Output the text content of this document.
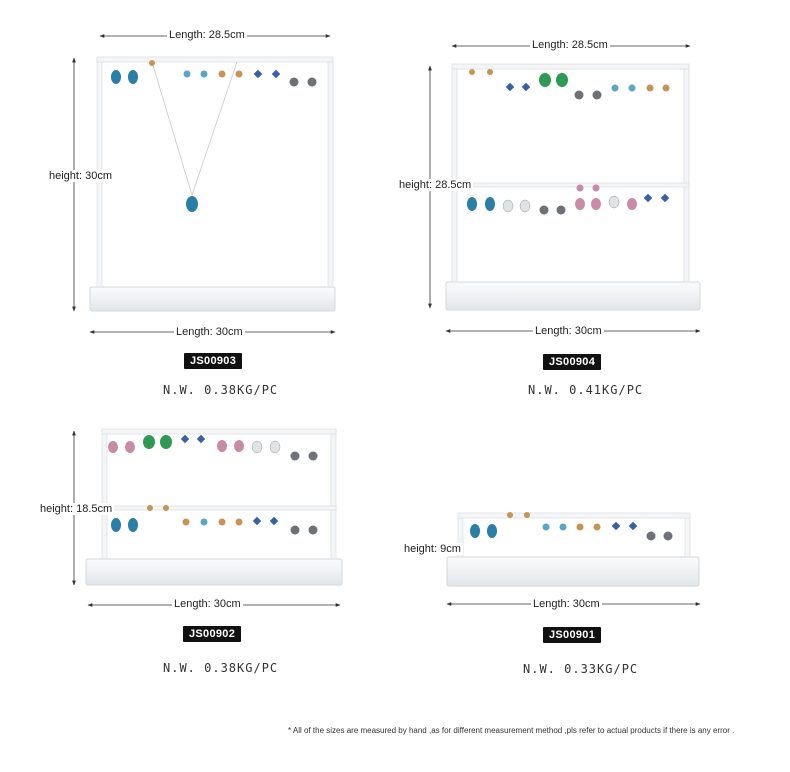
Length: 28.5cm
height: 30cm
Length: 30cm
JS00903
N.W. 0.38KG/PC
Length: 28.5cm
height: 28.5cm
Length: 30cm
JS00904
N.W. 0.41KG/PC
height: 18.5cm
Length: 30cm
JS00902
N.W. 0.38KG/PC
height: 9cm
Length: 30cm
JS00901
N.W. 0.33KG/PC
* All of the sizes are measured by hand ,as for different measurement method ,pls refer to actual products if there is any error .
